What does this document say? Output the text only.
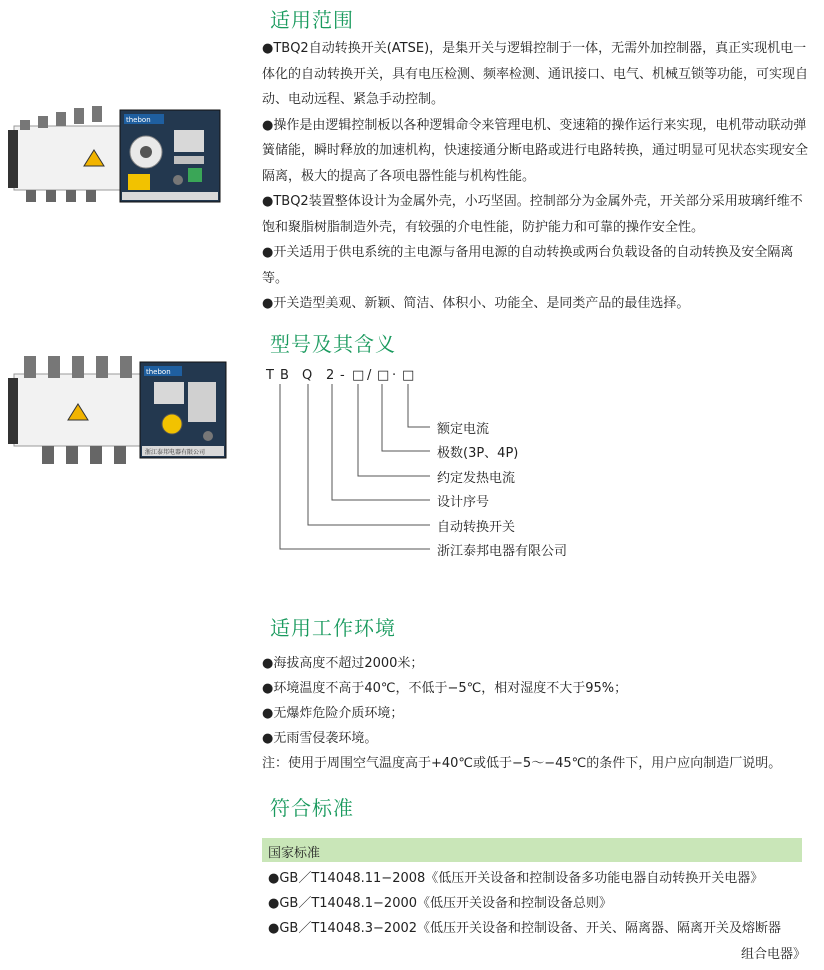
thebon
thebon
浙江泰邦电器有限公司
适用范围

●TBQ2自动转换开关(ATSE)，是集开关与逻辑控制于一体，无需外加控制器，真正实现机电一体化的自动转换开关，具有电压检测、频率检测、通讯接口、电气、机械互锁等功能，可实现自动、电动远程、紧急手动控制。

●操作是由逻辑控制板以各种逻辑命令来管理电机、变速箱的操作运行来实现，电机带动联动弹簧储能，瞬时释放的加速机构，快速接通分断电路或进行电路转换，通过明显可见状态实现安全隔离，极大的提高了各项电器性能与机构性能。

●TBQ2装置整体设计为金属外壳，小巧坚固。控制部分为金属外壳，开关部分采用玻璃纤维不饱和聚脂树脂制造外壳，有较强的介电性能，防护能力和可靠的操作安全性。

●开关适用于供电系统的主电源与备用电源的自动转换或两台负载设备的自动转换及安全隔离等。

●开关造型美观、新颖、简洁、体积小、功能全、是同类产品的最佳选择。

型号及其含义
T B Q 2 - □ / □ · □
额定电流
极数(3P、4P)
约定发热电流
设计序号
自动转换开关
浙江泰邦电器有限公司
适用工作环境
●海拔高度不超过2000米；
●环境温度不高于40℃，不低于−5℃，相对湿度不大于95%；
●无爆炸危险介质环境；
●无雨雪侵袭环境。
注：使用于周围空气温度高于+40℃或低于−5～−45℃的条件下，用户应向制造厂说明。
符合标准
国家标准
●GB／T14048.11−2008《低压开关设备和控制设备多功能电器自动转换开关电器》
●GB／T14048.1−2000《低压开关设备和控制设备总则》
●GB／T14048.3−2002《低压开关设备和控制设备、开关、隔离器、隔离开关及熔断器
组合电器》
